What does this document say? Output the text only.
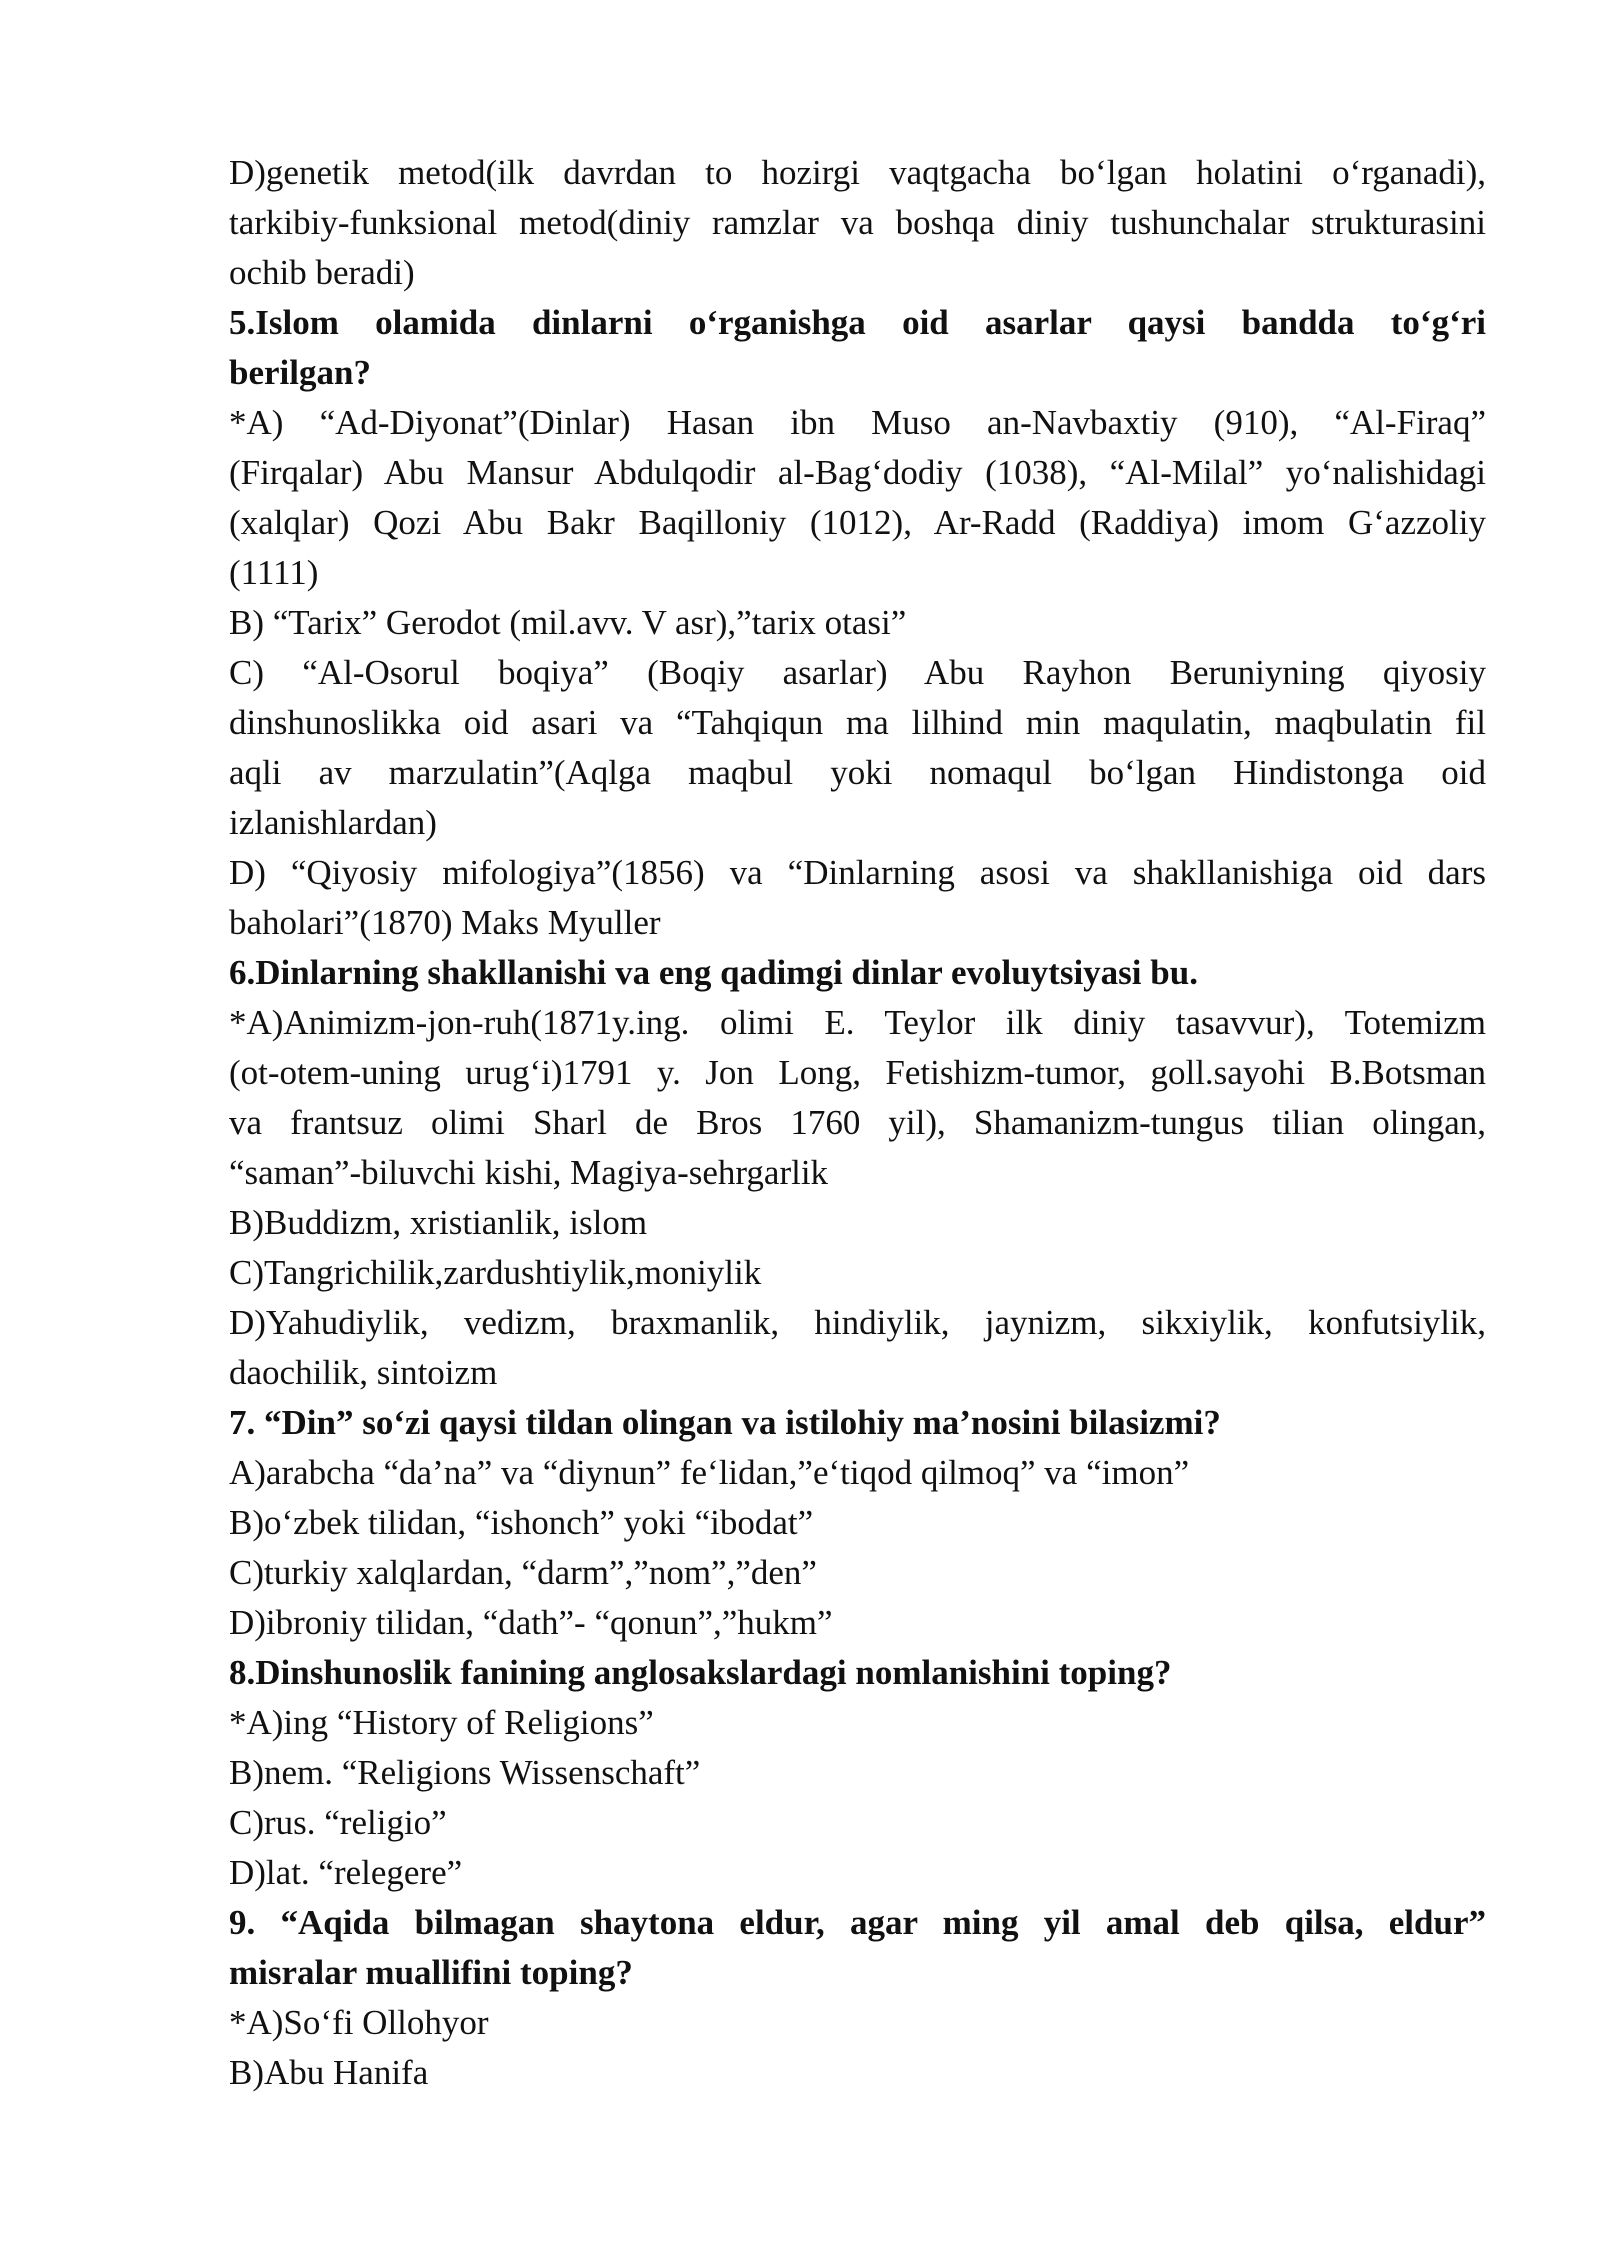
D)genetik metod(ilk davrdan to hozirgi vaqtgacha bo‘lgan holatini o‘rganadi),
tarkibiy-funksional metod(diniy ramzlar va boshqa diniy tushunchalar strukturasini
ochib beradi)
5.Islom olamida dinlarni o‘rganishga oid asarlar qaysi bandda to‘g‘ri
berilgan?
*A) “Ad-Diyonat”(Dinlar) Hasan ibn Muso an-Navbaxtiy (910), “Al-Firaq”
(Firqalar) Abu Mansur Abdulqodir al-Bag‘dodiy (1038), “Al-Milal” yo‘nalishidagi
(xalqlar) Qozi Abu Bakr Baqilloniy (1012), Ar-Radd (Raddiya) imom G‘azzoliy
(1111)
B) “Tarix” Gerodot (mil.avv. V asr),”tarix otasi”
C) “Al-Osorul boqiya” (Boqiy asarlar) Abu Rayhon Beruniyning qiyosiy
dinshunoslikka oid asari va “Tahqiqun ma lilhind min maqulatin, maqbulatin fil
aqli av marzulatin”(Aqlga maqbul yoki nomaqul bo‘lgan Hindistonga oid
izlanishlardan)
D) “Qiyosiy mifologiya”(1856) va “Dinlarning asosi va shakllanishiga oid dars
baholari”(1870) Maks Myuller
6.Dinlarning shakllanishi va eng qadimgi dinlar evoluytsiyasi bu.
*A)Animizm-jon-ruh(1871y.ing. olimi E. Teylor ilk diniy tasavvur), Totemizm
(ot-otem-uning urug‘i)1791 y. Jon Long, Fetishizm-tumor, goll.sayohi B.Botsman
va frantsuz olimi Sharl de Bros 1760 yil), Shamanizm-tungus tilian olingan,
“saman”-biluvchi kishi, Magiya-sehrgarlik
B)Buddizm, xristianlik, islom
C)Tangrichilik,zardushtiylik,moniylik
D)Yahudiylik, vedizm, braxmanlik, hindiylik, jaynizm, sikxiylik, konfutsiylik,
daochilik, sintoizm
7. “Din” so‘zi qaysi tildan olingan va istilohiy ma’nosini bilasizmi?
A)arabcha “da’na” va “diynun” fe‘lidan,”e‘tiqod qilmoq” va “imon”
B)o‘zbek tilidan, “ishonch” yoki “ibodat”
C)turkiy xalqlardan, “darm”,”nom”,”den”
D)ibroniy tilidan, “dath”- “qonun”,”hukm”
8.Dinshunoslik fanining anglosakslardagi nomlanishini toping?
*A)ing “History of Religions”
B)nem. “Religions Wissenschaft”
C)rus. “religio”
D)lat. “relegere”
9. “Aqida bilmagan shaytona eldur, agar ming yil amal deb qilsa, eldur”
misralar muallifini toping?
*A)So‘fi Ollohyor
B)Abu Hanifa
